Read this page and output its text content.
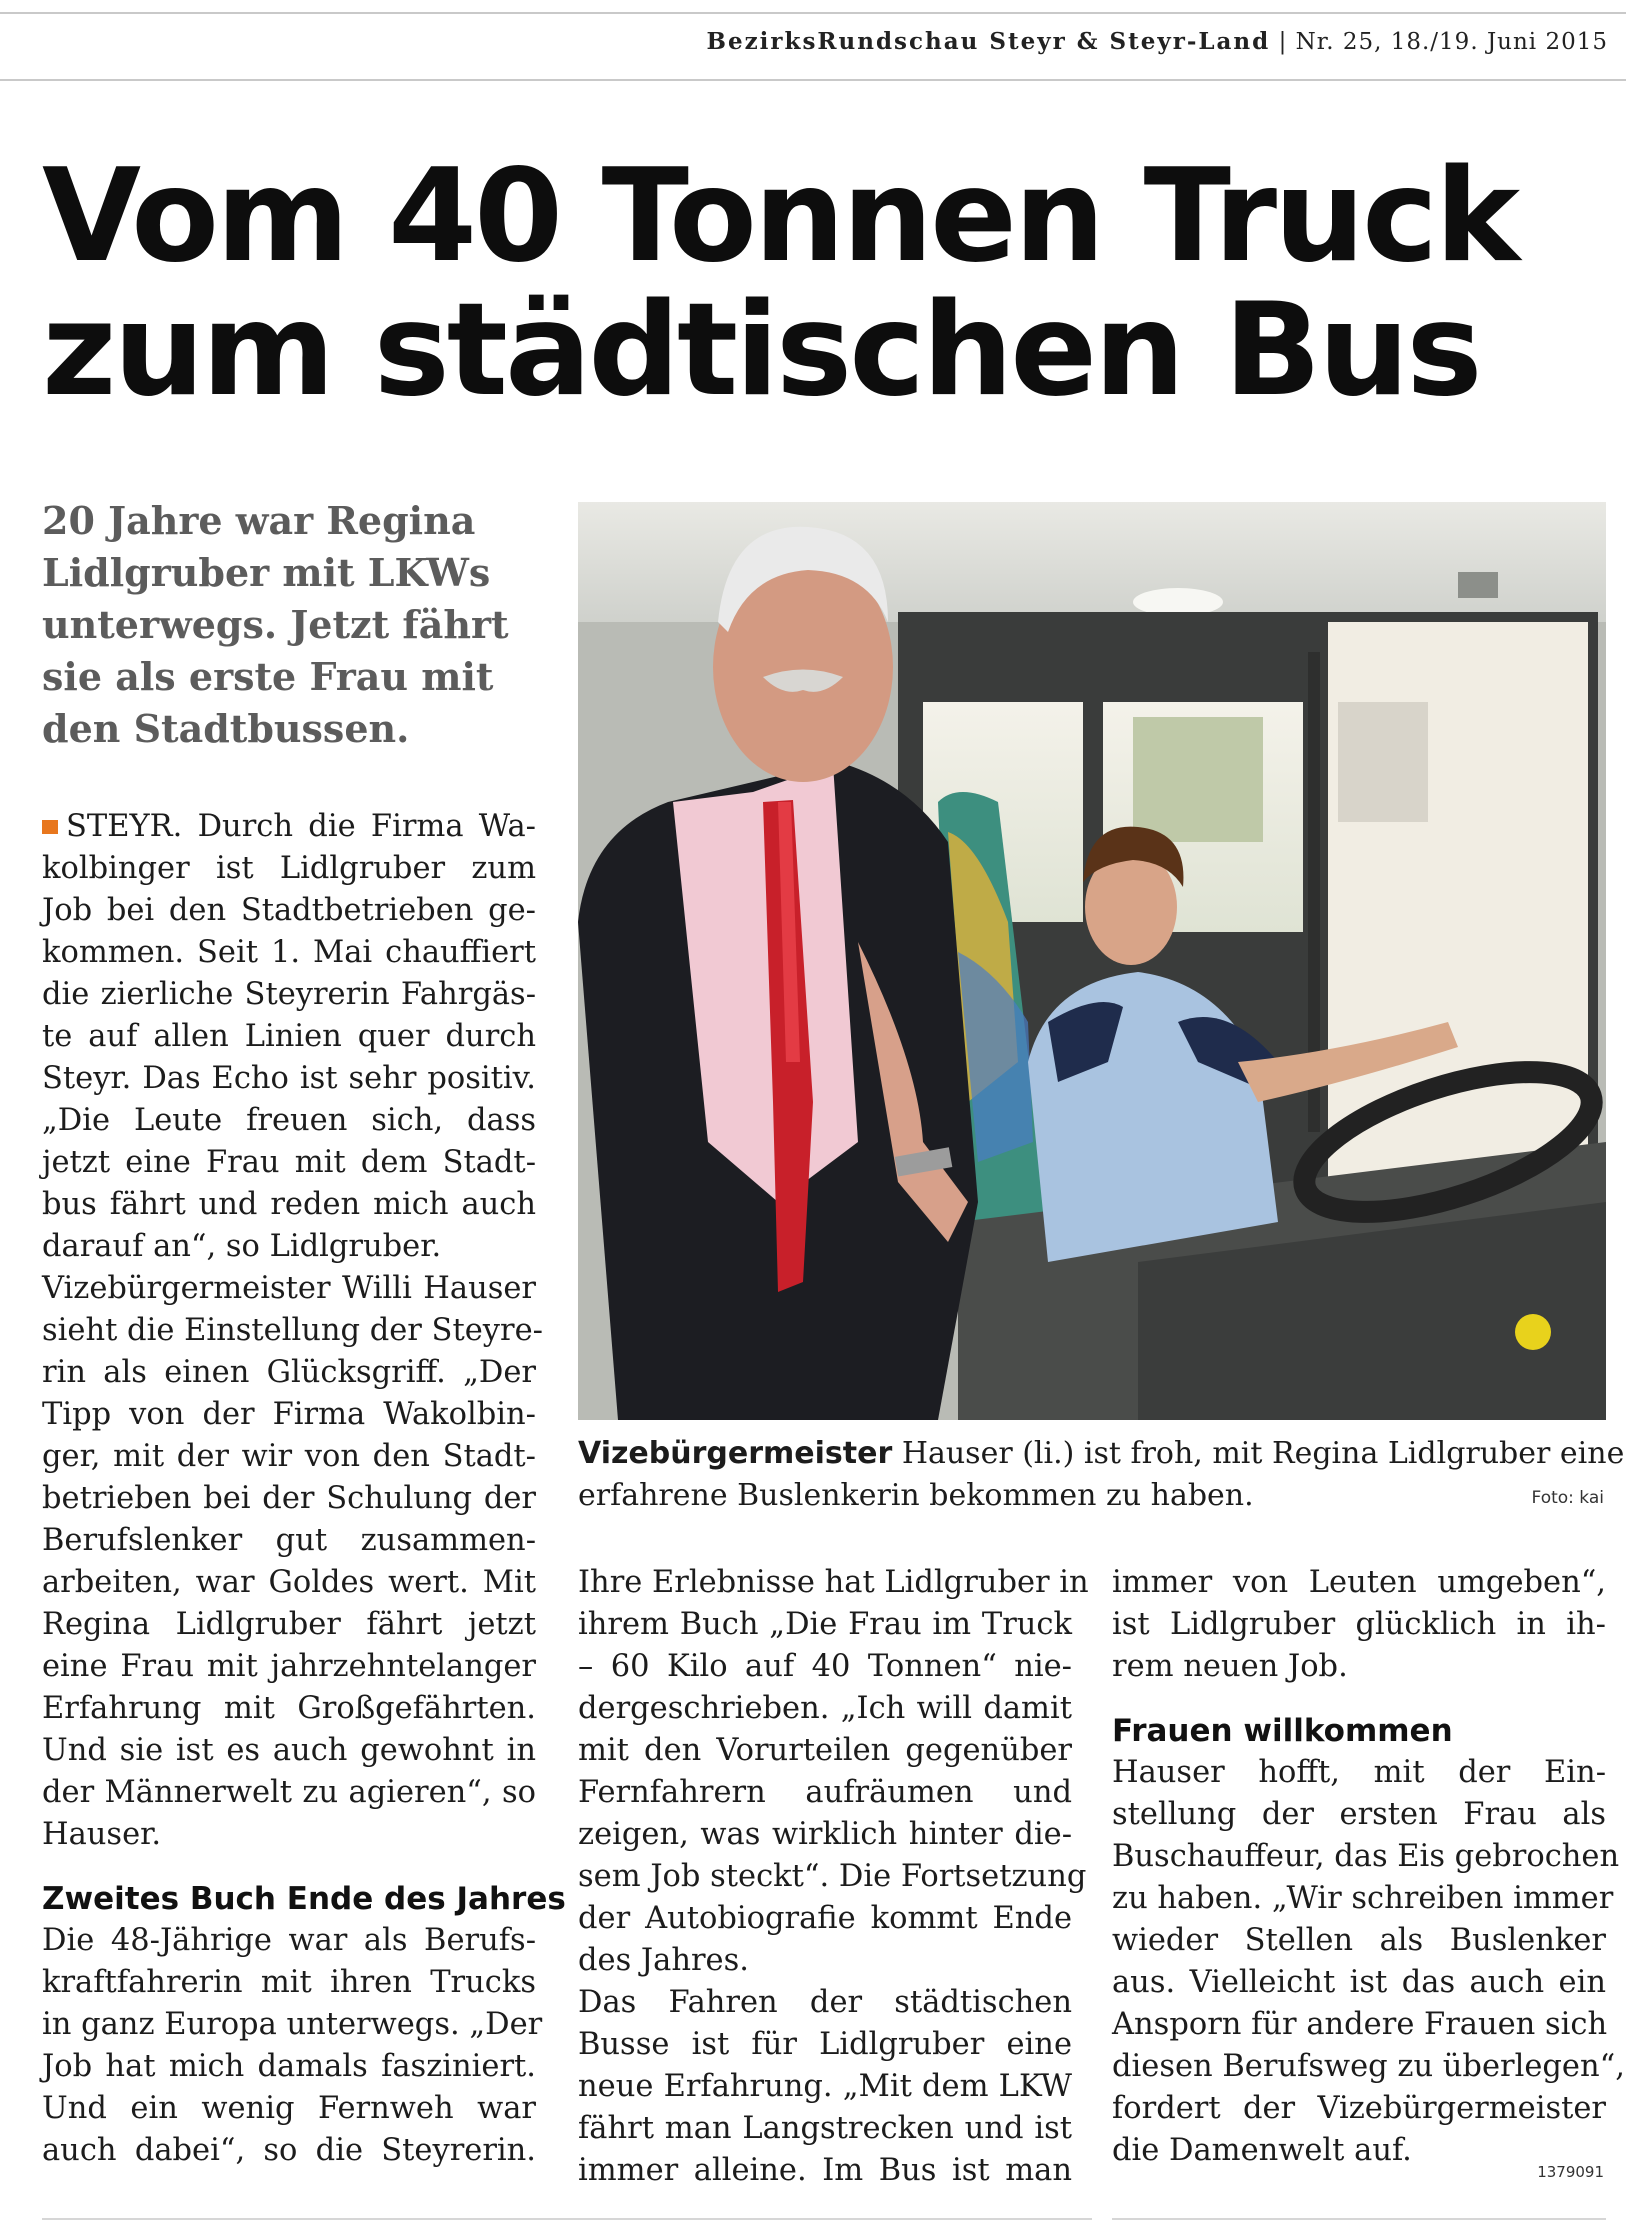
BezirksRundschau Steyr & Steyr-Land | Nr. 25, 18./19. Juni 2015
Vom 40 Tonnen Truck
zum städtischen Bus
20 Jahre war Regina
Lidlgruber mit LKWs
unterwegs. Jetzt fährt
sie als erste Frau mit
den Stadtbussen.
STEYR. Durch die Firma Wa-
kolbinger ist Lidlgruber zum
Job bei den Stadtbetrieben ge-
kommen. Seit 1. Mai chauffiert
die zierliche Steyrerin Fahrgäs-
te auf allen Linien quer durch
Steyr. Das Echo ist sehr positiv.
„Die Leute freuen sich, dass
jetzt eine Frau mit dem Stadt-
bus fährt und reden mich auch
darauf an“, so Lidlgruber.
Vizebürgermeister Willi Hauser
sieht die Einstellung der Steyre-
rin als einen Glücksgriff. „Der
Tipp von der Firma Wakolbin-
ger, mit der wir von den Stadt-
betrieben bei der Schulung der
Berufslenker gut zusammen-
arbeiten, war Goldes wert. Mit
Regina Lidlgruber fährt jetzt
eine Frau mit jahrzehntelanger
Erfahrung mit Großgefährten.
Und sie ist es auch gewohnt in
der Männerwelt zu agieren“, so
Hauser.
Zweites Buch Ende des Jahres
Die 48-Jährige war als Berufs-
kraftfahrerin mit ihren Trucks
in ganz Europa unterwegs. „Der
Job hat mich damals fasziniert.
Und ein wenig Fernweh war
auch dabei“, so die Steyrerin.
Vizebürgermeister Hauser (li.) ist froh, mit Regina Lidlgruber eine
erfahrene Buslenkerin bekommen zu haben.	Foto: kai
Ihre Erlebnisse hat Lidlgruber in
ihrem Buch „Die Frau im Truck
– 60 Kilo auf 40 Tonnen“ nie-
dergeschrieben. „Ich will damit
mit den Vorurteilen gegenüber
Fernfahrern aufräumen und
zeigen, was wirklich hinter die-
sem Job steckt“. Die Fortsetzung
der Autobiografie kommt Ende
des Jahres.
Das Fahren der städtischen
Busse ist für Lidlgruber eine
neue Erfahrung. „Mit dem LKW
fährt man Langstrecken und ist
immer alleine. Im Bus ist man
immer von Leuten umgeben“,
ist Lidlgruber glücklich in ih-
rem neuen Job.
Frauen willkommen
Hauser hofft, mit der Ein-
stellung der ersten Frau als
Buschauffeur, das Eis gebrochen
zu haben. „Wir schreiben immer
wieder Stellen als Buslenker
aus. Vielleicht ist das auch ein
Ansporn für andere Frauen sich
diesen Berufsweg zu überlegen“,
fordert der Vizebürgermeister
die Damenwelt auf.
1379091
